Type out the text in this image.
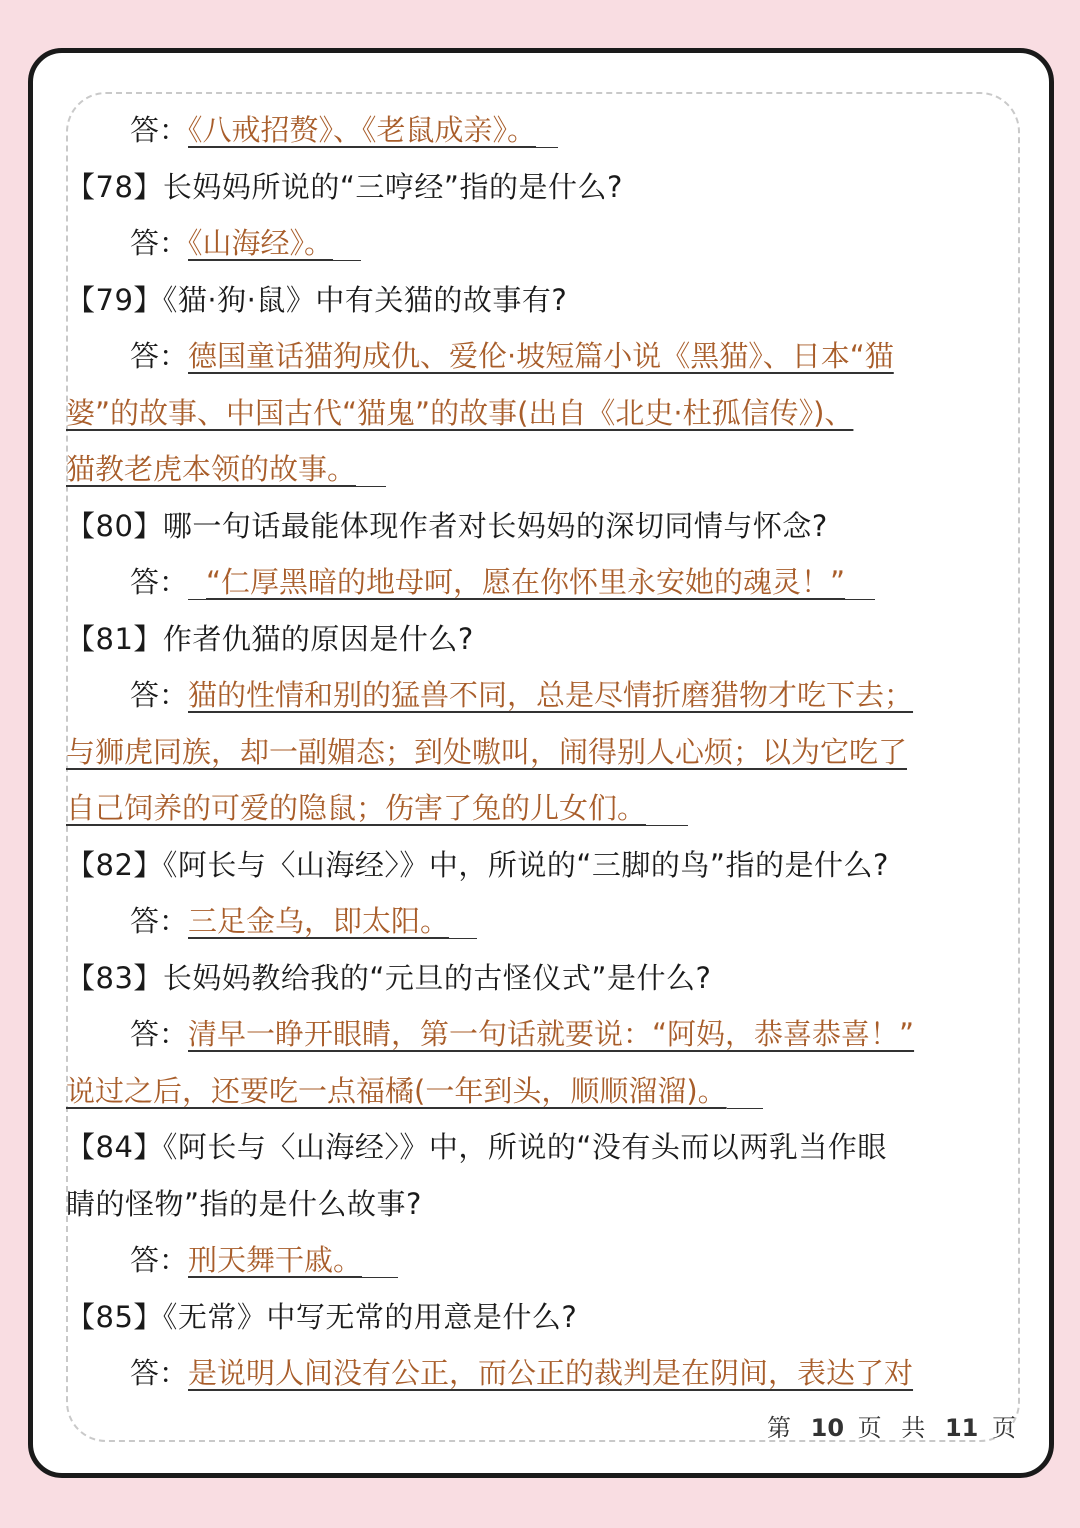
答：《八戒招赘》、《老鼠成亲》。
【78】长妈妈所说的“三哼经”指的是什么?
答：《山海经》。
【79】《猫·狗·鼠》中有关猫的故事有?
答：德国童话猫狗成仇、爱伦·坡短篇小说《黑猫》、日本“猫
婆”的故事、中国古代“猫鬼”的故事(出自《北史·杜孤信传》)、
猫教老虎本领的故事。
【80】哪一句话最能体现作者对长妈妈的深切同情与怀念?
答： “仁厚黑暗的地母呵，愿在你怀里永安她的魂灵！”
【81】作者仇猫的原因是什么?
答：猫的性情和别的猛兽不同，总是尽情折磨猎物才吃下去；
与狮虎同族，却一副媚态；到处嗷叫，闹得别人心烦；以为它吃了
自己饲养的可爱的隐鼠；伤害了兔的儿女们。
【82】《阿长与〈山海经〉》中，所说的“三脚的鸟”指的是什么?
答：三足金乌，即太阳。
【83】长妈妈教给我的“元旦的古怪仪式”是什么?
答：清早一睁开眼睛，第一句话就要说：“阿妈，恭喜恭喜！”
说过之后，还要吃一点福橘(一年到头，顺顺溜溜)。
【84】《阿长与〈山海经〉》中，所说的“没有头而以两乳当作眼
睛的怪物”指的是什么故事?
答：刑天舞干戚。
【85】《无常》中写无常的用意是什么?
答：是说明人间没有公正，而公正的裁判是在阴间，表达了对
第 10 页 共 11 页
